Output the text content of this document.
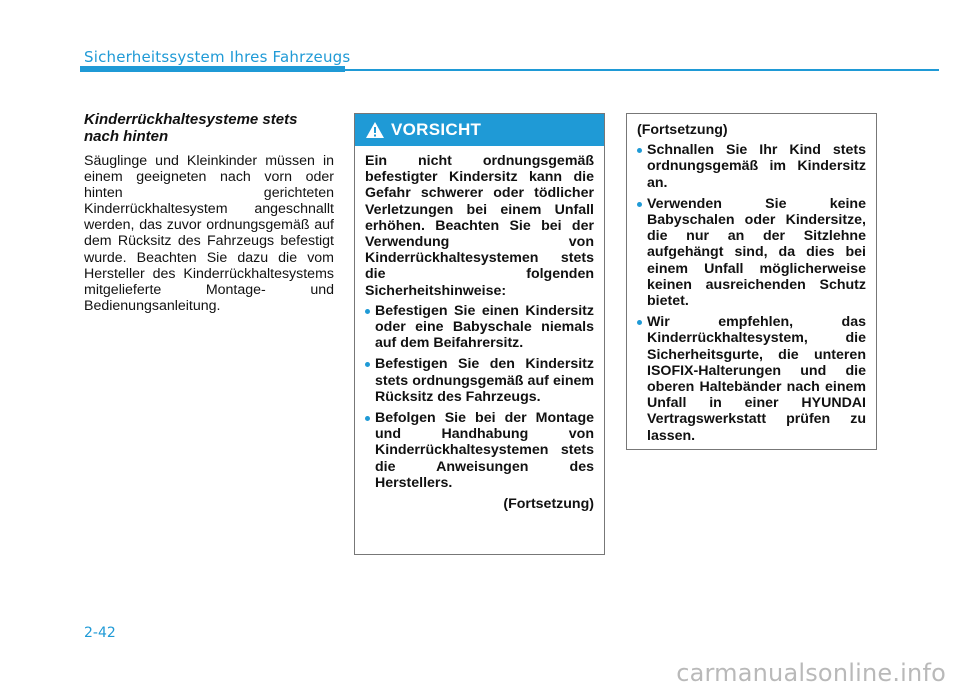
Sicherheitssystem Ihres Fahrzeugs
Kinderrückhaltesysteme stets nach hinten

Säuglinge und Kleinkinder müssen in einem geeigneten nach vorn oder hinten gerichteten Kinderrückhaltesystem angeschnallt werden, das zuvor ordnungsgemäß auf dem Rücksitz des Fahrzeugs befestigt wurde. Beachten Sie dazu die vom Hersteller des Kinderrückhaltesystems mitgelieferte Montage- und Bedienungsanleitung.

VORSICHT

Ein nicht ordnungsgemäß befestigter Kindersitz kann die Gefahr schwerer oder tödlicher Verletzungen bei einem Unfall erhöhen. Beachten Sie bei der Verwendung von Kinderrückhaltesystemen stets die folgenden Sicherheitshinweise:

Befestigen Sie einen Kindersitz oder eine Babyschale niemals auf dem Beifahrersitz.
Befestigen Sie den Kindersitz stets ordnungsgemäß auf einem Rücksitz des Fahrzeugs.
Befolgen Sie bei der Montage und Handhabung von Kinderrückhaltesystemen stets die Anweisungen des Herstellers.

(Fortsetzung)

(Fortsetzung)

Schnallen Sie Ihr Kind stets ordnungsgemäß im Kindersitz an.
Verwenden Sie keine Babyschalen oder Kindersitze, die nur an der Sitzlehne aufgehängt sind, da dies bei einem Unfall möglicherweise keinen ausreichenden Schutz bietet.
Wir empfehlen, das Kinderrückhaltesystem, die Sicherheitsgurte, die unteren ISOFIX-Halterungen und die oberen Haltebänder nach einem Unfall in einer HYUNDAI Vertragswerkstatt prüfen zu lassen.
2-42
carmanualsonline.info
